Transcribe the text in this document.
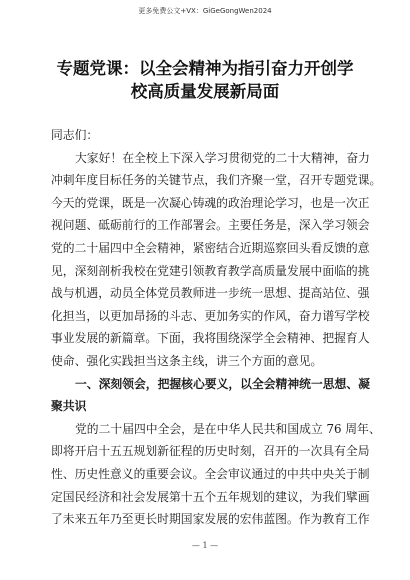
更多免费公文+VX：GiGeGongWen2024
专题党课：以全会精神为指引奋力开创学
校高质量发展新局面
同志们：
大家好！在全校上下深入学习贯彻党的二十大精神，奋力
冲刺年度目标任务的关键节点，我们齐聚一堂，召开专题党课。
今天的党课，既是一次凝心铸魂的政治理论学习，也是一次正
视问题、砥砺前行的工作部署会。主要任务是，深入学习领会
党的二十届四中全会精神，紧密结合近期巡察回头看反馈的意
见，深刻剖析我校在党建引领教育教学高质量发展中面临的挑
战与机遇，动员全体党员教师进一步统一思想、提高站位、强
化担当，以更加昂扬的斗志、更加务实的作风，奋力谱写学校
事业发展的新篇章。下面，我将围绕深学全会精神、把握育人
使命、强化实践担当这条主线，讲三个方面的意见。
一、深刻领会，把握核心要义，以全会精神统一思想、凝
聚共识
党的二十届四中全会，是在中华人民共和国成立 76 周年、
即将开启十五五规划新征程的历史时刻，召开的一次具有全局
性、历史性意义的重要会议。全会审议通过的中共中央关于制
定国民经济和社会发展第十五个五年规划的建议，为我们擘画
了未来五年乃至更长时期国家发展的宏伟蓝图。作为教育工作
— 1 —
